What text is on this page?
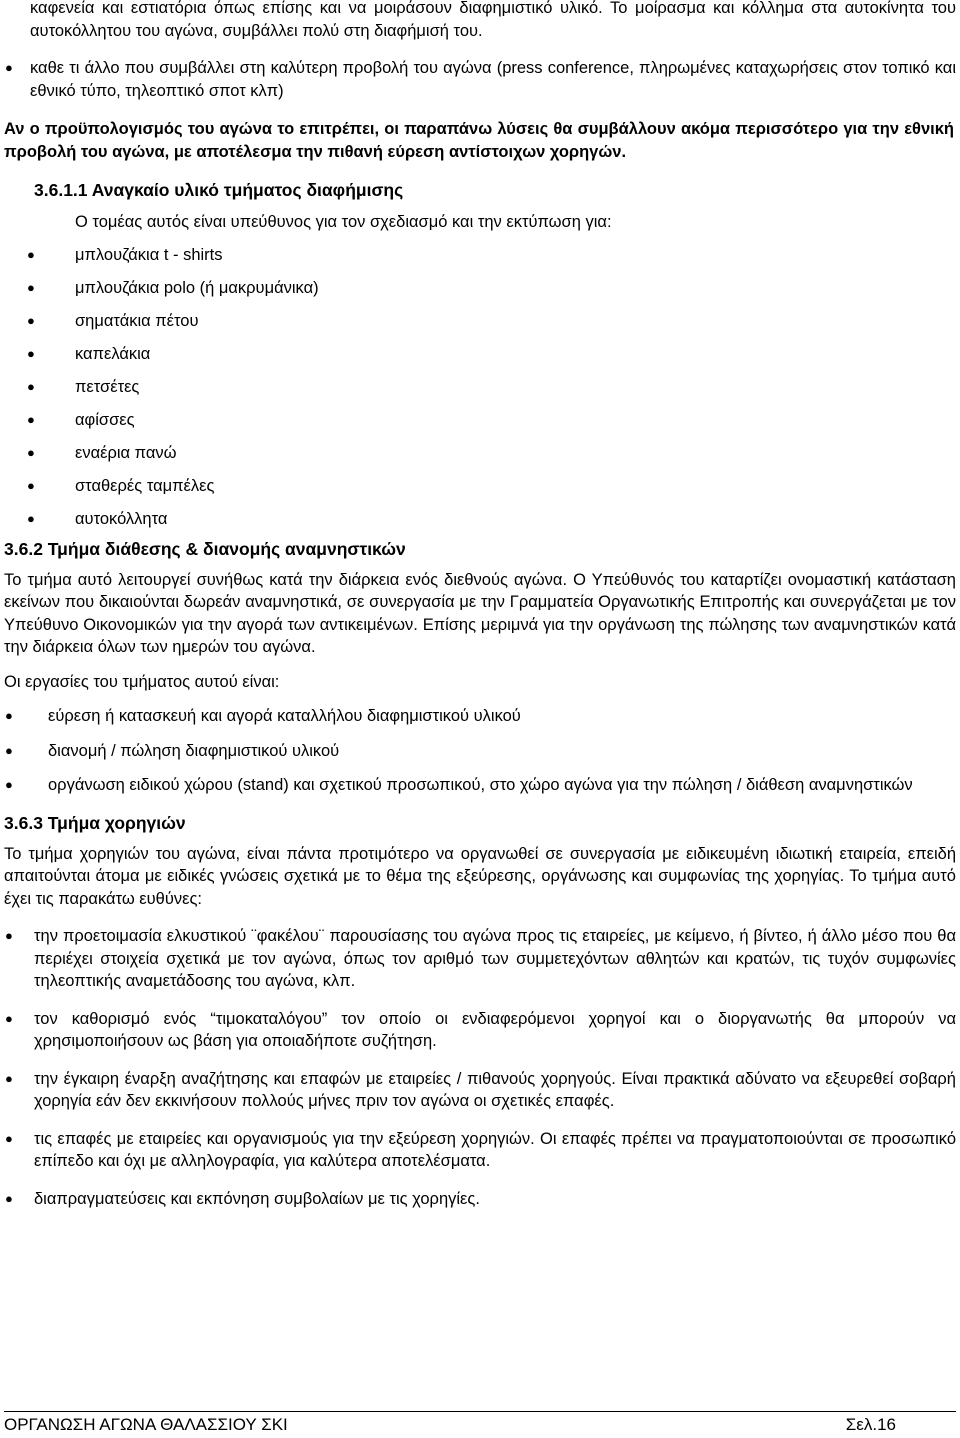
καφενεία και εστιατόρια όπως επίσης και να μοιράσουν διαφημιστικό υλικό. Το μοίρασμα και κόλλημα στα αυτοκίνητα του αυτοκόλλητου του αγώνα, συμβάλλει πολύ στη διαφήμισή του.

● καθε τι άλλο που συμβάλλει στη καλύτερη προβολή του αγώνα (press conference, πληρωμένες καταχωρήσεις στον τοπικό και εθνικό τύπο, τηλεοπτικό σποτ κλπ)

Αν ο προϋπολογισμός του αγώνα το επιτρέπει, οι παραπάνω λύσεις θα συμβάλλουν ακόμα περισσότερο για την εθνική προβολή του αγώνα, με αποτέλεσμα την πιθανή εύρεση αντίστοιχων χορηγών.

3.6.1.1 Αναγκαίο υλικό τμήματος διαφήμισης

Ο τομέας αυτός είναι υπεύθυνος για τον σχεδιασμό και την εκτύπωση για:

● μπλουζάκια t - shirts

● μπλουζάκια polo (ή μακρυμάνικα)

● σηματάκια πέτου

● καπελάκια

● πετσέτες

● αφίσσες

● εναέρια πανώ

● σταθερές ταμπέλες

● αυτοκόλλητα

3.6.2 Τμήμα διάθεσης & διανομής αναμνηστικών

Το τμήμα αυτό λειτουργεί συνήθως κατά την διάρκεια ενός διεθνούς αγώνα. Ο Υπεύθυνός του καταρτίζει ονομαστική κατάσταση εκείνων που δικαιούνται δωρεάν αναμνηστικά, σε συνεργασία με την Γραμματεία Οργανωτικής Επιτροπής και συνεργάζεται με τον Υπεύθυνο Οικονομικών για την αγορά των αντικειμένων. Επίσης μεριμνά για την οργάνωση της πώλησης των αναμνηστικών κατά την διάρκεια όλων των ημερών του αγώνα.

Οι εργασίες του τμήματος αυτού είναι:

● εύρεση ή κατασκευή και αγορά καταλλήλου διαφημιστικού υλικού

● διανομή / πώληση διαφημιστικού υλικού

● οργάνωση ειδικού χώρου (stand) και σχετικού προσωπικού, στο χώρο αγώνα για την πώληση / διάθεση αναμνηστικών

3.6.3 Τμήμα χορηγιών

Το τμήμα χορηγιών του αγώνα, είναι πάντα προτιμότερο να οργανωθεί σε συνεργασία με ειδικευμένη ιδιωτική εταιρεία, επειδή απαιτούνται άτομα με ειδικές γνώσεις σχετικά με το θέμα της εξεύρεσης, οργάνωσης και συμφωνίας της χορηγίας. Το τμήμα αυτό έχει τις παρακάτω ευθύνες:

● την προετοιμασία ελκυστικού ¨φακέλου¨ παρουσίασης του αγώνα προς τις εταιρείες, με κείμενο, ή βίντεο, ή άλλο μέσο που θα περιέχει στοιχεία σχετικά με τον αγώνα, όπως τον αριθμό των συμμετεχόντων αθλητών και κρατών, τις τυχόν συμφωνίες τηλεοπτικής αναμετάδοσης του αγώνα, κλπ.

● τον καθορισμό ενός “τιμοκαταλόγου” τον οποίο οι ενδιαφερόμενοι χορηγοί και ο διοργανωτής θα μπορούν να χρησιμοποιήσουν ως βάση για οποιαδήποτε συζήτηση.

● την έγκαιρη έναρξη αναζήτησης και επαφών με εταιρείες / πιθανούς χορηγούς. Είναι πρακτικά αδύνατο να εξευρεθεί σοβαρή χορηγία εάν δεν εκκινήσουν πολλούς μήνες πριν τον αγώνα οι σχετικές επαφές.

● τις επαφές με εταιρείες και οργανισμούς για την εξεύρεση χορηγιών. Οι επαφές πρέπει να πραγματοποιούνται σε προσωπικό επίπεδο και όχι με αλληλογραφία, για καλύτερα αποτελέσματα.

● διαπραγματεύσεις και εκπόνηση συμβολαίων με τις χορηγίες.

ΟΡΓΑΝΩΣΗ ΑΓΩΝΑ ΘΑΛΑΣΣΙΟΥ ΣΚΙ	Σελ.16
